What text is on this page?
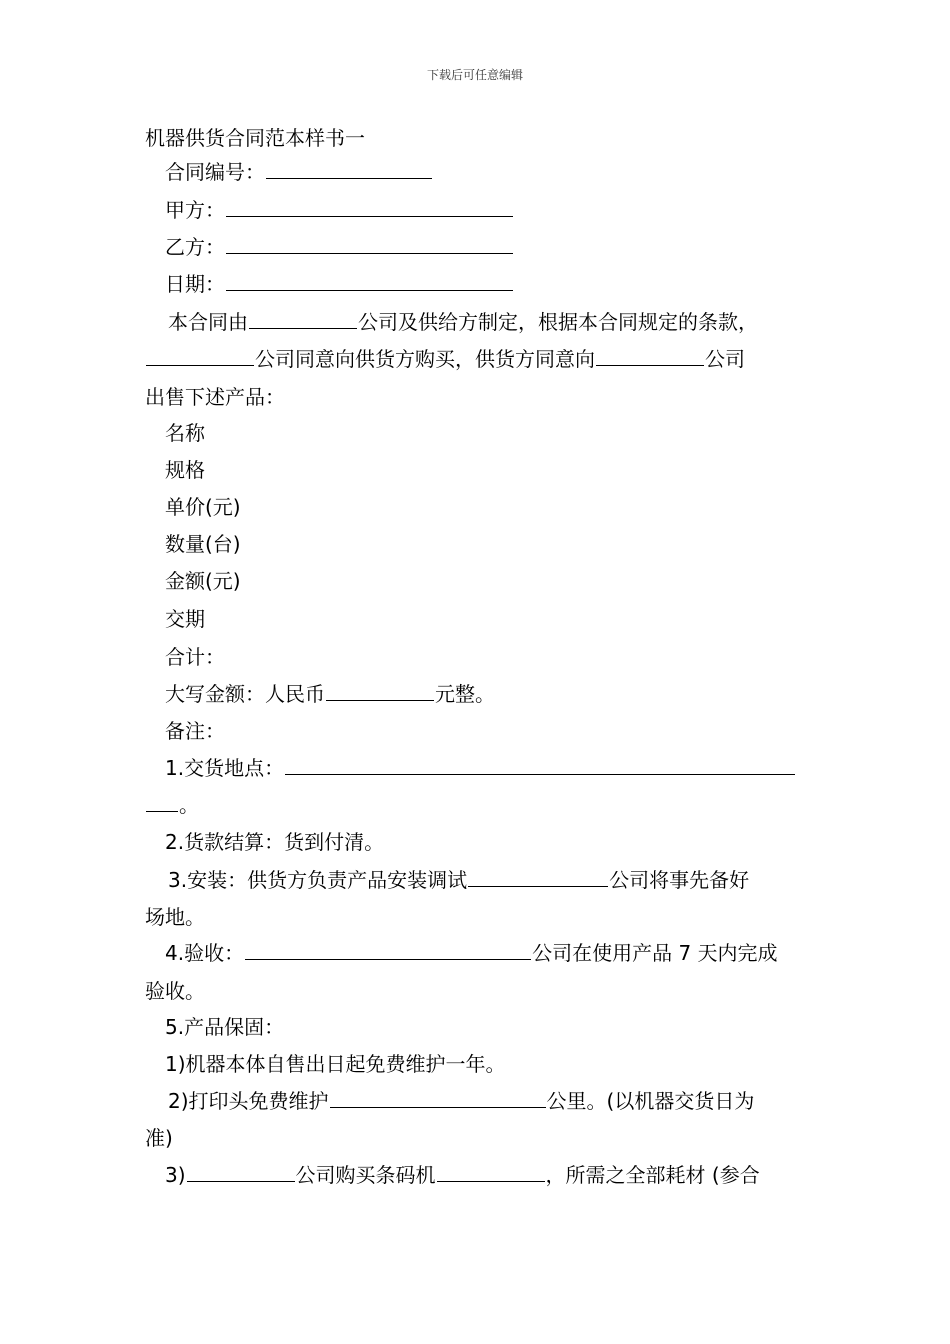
下载后可任意编辑
机器供货合同范本样书一
合同编号：
甲方：
乙方：
日期：
本合同由	公司及供给方制定，根据本合同规定的条款，
公司同意向供货方购买，供货方同意向	公司
出售下述产品：
名称
规格
单价(元)
数量(台)
金额(元)
交期
合计：
大写金额：人民币	元整。
备注：
1.交货地点：
。
2.货款结算：货到付清。
3.安装：供货方负责产品安装调试	公司将事先备好
场地。
4.验收：	公司在使用产品 7 天内完成
验收。
5.产品保固：
1)机器本体自售出日起免费维护一年。
2)打印头免费维护	公里。(以机器交货日为
准)
3)	公司购买条码机	，所需之全部耗材 (参合
